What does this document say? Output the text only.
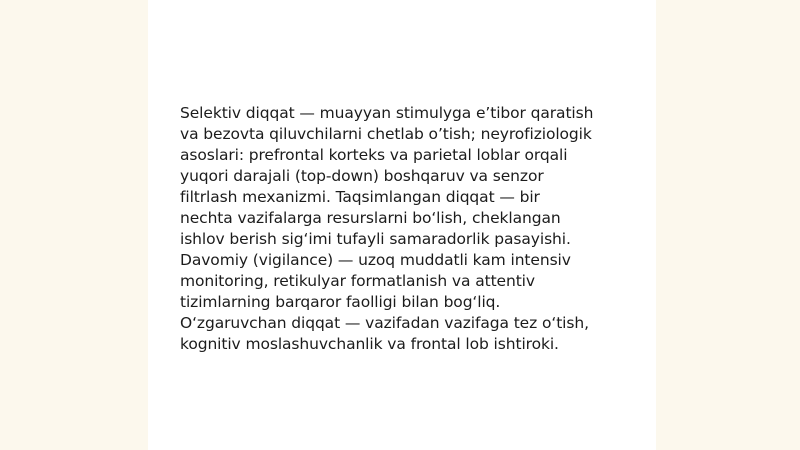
Selektiv diqqat — muayyan stimulyga e’tibor qaratish
va bezovta qiluvchilarni chetlab o’tish; neyrofiziologik
asoslari: prefrontal korteks va parietal loblar orqali
yuqori darajali (top-down) boshqaruv va senzor
filtrlash mexanizmi. Taqsimlangan diqqat — bir
nechta vazifalarga resurslarni bo‘lish, cheklangan
ishlov berish sig‘imi tufayli samaradorlik pasayishi.
Davomiy (vigilance) — uzoq muddatli kam intensiv
monitoring, retikulyar formatlanish va attentiv
tizimlarning barqaror faolligi bilan bog‘liq.
O‘zgaruvchan diqqat — vazifadan vazifaga tez o‘tish,
kognitiv moslashuvchanlik va frontal lob ishtiroki.
